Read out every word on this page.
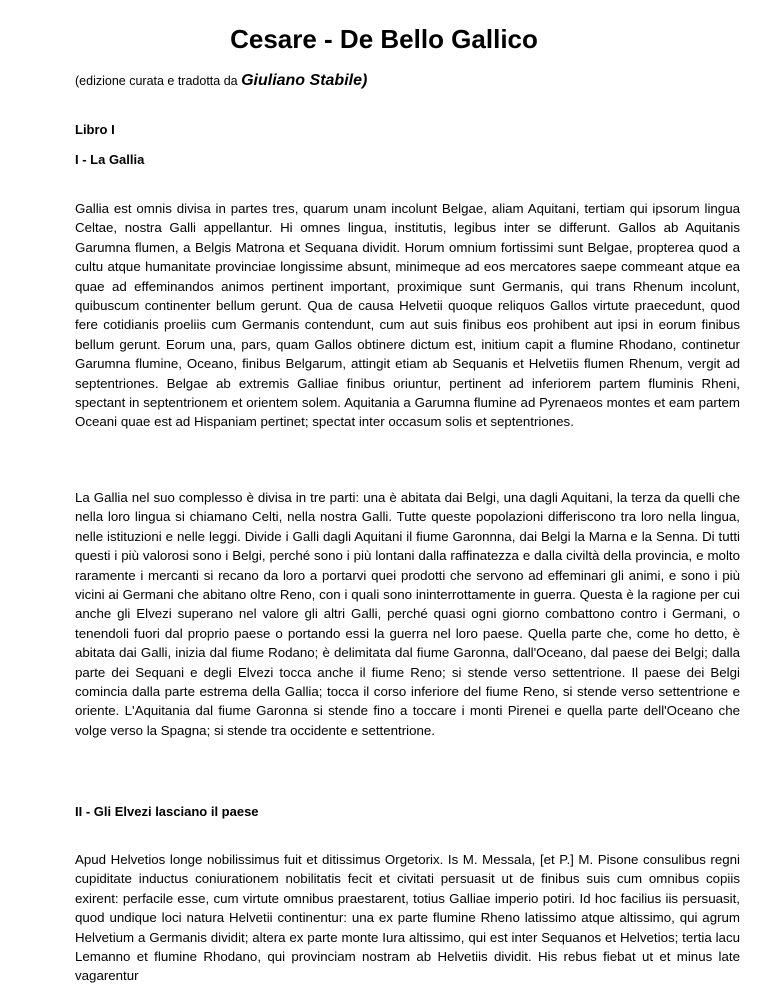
Cesare - De Bello Gallico
(edizione curata e tradotta da Giuliano Stabile)
Libro I
I - La Gallia

Gallia est omnis divisa in partes tres, quarum unam incolunt Belgae, aliam Aquitani, tertiam qui ipsorum lingua Celtae, nostra Galli appellantur. Hi omnes lingua, institutis, legibus inter se differunt. Gallos ab Aquitanis Garumna flumen, a Belgis Matrona et Sequana dividit. Horum omnium fortissimi sunt Belgae, propterea quod a cultu atque humanitate provinciae longissime absunt, minimeque ad eos mercatores saepe commeant atque ea quae ad effeminandos animos pertinent important, proximique sunt Germanis, qui trans Rhenum incolunt, quibuscum continenter bellum gerunt. Qua de causa Helvetii quoque reliquos Gallos virtute praecedunt, quod fere cotidianis proeliis cum Germanis contendunt, cum aut suis finibus eos prohibent aut ipsi in eorum finibus bellum gerunt. Eorum una, pars, quam Gallos obtinere dictum est, initium capit a flumine Rhodano, continetur Garumna flumine, Oceano, finibus Belgarum, attingit etiam ab Sequanis et Helvetiis flumen Rhenum, vergit ad septentriones. Belgae ab extremis Galliae finibus oriuntur, pertinent ad inferiorem partem fluminis Rheni, spectant in septentrionem et orientem solem. Aquitania a Garumna flumine ad Pyrenaeos montes et eam partem Oceani quae est ad Hispaniam pertinet; spectat inter occasum solis et septentriones.

La Gallia nel suo complesso è divisa in tre parti: una è abitata dai Belgi, una dagli Aquitani, la terza da quelli che nella loro lingua si chiamano Celti, nella nostra Galli. Tutte queste popolazioni differiscono tra loro nella lingua, nelle istituzioni e nelle leggi. Divide i Galli dagli Aquitani il fiume Garonnna, dai Belgi la Marna e la Senna. Di tutti questi i più valorosi sono i Belgi, perché sono i più lontani dalla raffinatezza e dalla civiltà della provincia, e molto raramente i mercanti si recano da loro a portarvi quei prodotti che servono ad effeminari gli animi, e sono i più vicini ai Germani che abitano oltre Reno, con i quali sono ininterrottamente in guerra. Questa è la ragione per cui anche gli Elvezi superano nel valore gli altri Galli, perché quasi ogni giorno combattono contro i Germani, o tenendoli fuori dal proprio paese o portando essi la guerra nel loro paese. Quella parte che, come ho detto, è abitata dai Galli, inizia dal fiume Rodano; è delimitata dal fiume Garonna, dall'Oceano, dal paese dei Belgi; dalla parte dei Sequani e degli Elvezi tocca anche il fiume Reno; si stende verso settentrione. Il paese dei Belgi comincia dalla parte estrema della Gallia; tocca il corso inferiore del fiume Reno, si stende verso settentrione e oriente. L'Aquitania dal fiume Garonna si stende fino a toccare i monti Pirenei e quella parte dell'Oceano che volge verso la Spagna; si stende tra occidente e settentrione.

II - Gli Elvezi lasciano il paese

Apud Helvetios longe nobilissimus fuit et ditissimus Orgetorix. Is M. Messala, [et P.] M. Pisone consulibus regni cupiditate inductus coniurationem nobilitatis fecit et civitati persuasit ut de finibus suis cum omnibus copiis exirent: perfacile esse, cum virtute omnibus praestarent, totius Galliae imperio potiri. Id hoc facilius iis persuasit, quod undique loci natura Helvetii continentur: una ex parte flumine Rheno latissimo atque altissimo, qui agrum Helvetium a Germanis dividit; altera ex parte monte Iura altissimo, qui est inter Sequanos et Helvetios; tertia lacu Lemanno et flumine Rhodano, qui provinciam nostram ab Helvetiis dividit. His rebus fiebat ut et minus late vagarentur
